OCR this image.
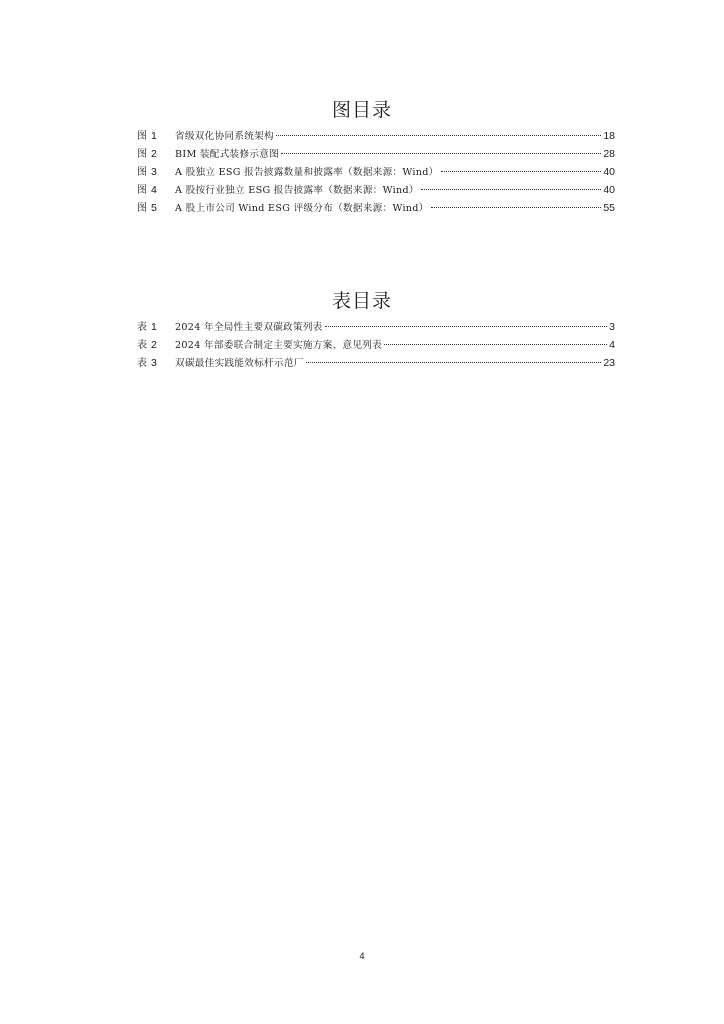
图目录
图 1	省级双化协同系统架构	18
图 2	BIM 装配式装修示意图	28
图 3	A 股独立 ESG 报告披露数量和披露率（数据来源：Wind）	40
图 4	A 股按行业独立 ESG 报告披露率（数据来源：Wind）	40
图 5	A 股上市公司 Wind ESG 评级分布（数据来源：Wind）	55
表目录
表 1	2024 年全局性主要双碳政策列表	3
表 2	2024 年部委联合制定主要实施方案、意见列表	4
表 3	双碳最佳实践能效标杆示范厂	23
4
